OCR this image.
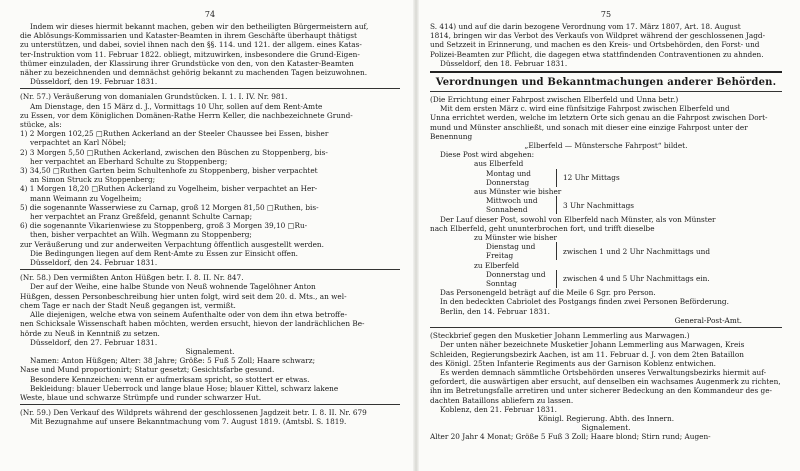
74

Indem wir dieses hiermit bekannt machen, geben wir den betheiligten Bürgermeistern auf,

die Ablösungs-Kommissarien und Kataster-Beamten in ihrem Geschäfte überhaupt thätigst

zu unterstützen, und dabei, soviel ihnen nach den §§. 114. und 121. der allgem. eines Katas-

ter-Instruktion vom 11. Februar 1822. obliegt, mitzuwirken, insbesondere die Grund-Eigen-

thümer einzuladen, der Klassirung ihrer Grundstücke von den, von den Kataster-Beamten

näher zu bezeichnenden und demnächst gehörig bekannt zu machenden Tagen beizuwohnen.

Düsseldorf, den 19. Februar 1831.

(Nr. 57.) Veräußerung von domanialen Grundstücken. I. 1. I. IV. Nr. 981.

Am Dienstage, den 15 März d. J., Vormittags 10 Uhr, sollen auf dem Rent-Amte

zu Essen, vor dem Königlichen Domänen-Rathe Herrn Keller, die nachbezeichnete Grund-

stücke, als:

1) 2 Morgen 102,25 □Ruthen Ackerland an der Steeler Chaussee bei Essen, bisher

verpachtet an Karl Nöbel;

2) 3 Morgen 5,50 □Ruthen Ackerland, zwischen den Büschen zu Stoppenberg, bis-

her verpachtet an Eberhard Schulte zu Stoppenberg;

3) 34,50 □Ruthen Garten beim Schultenhofe zu Stoppenberg, bisher verpachtet

an Simon Struck zu Stoppenberg;

4) 1 Morgen 18,20 □Ruthen Ackerland zu Vogelheim, bisher verpachtet an Her-

mann Weimann zu Vogelheim;

5) die sogenannte Wasserwiese zu Carnap, groß 12 Morgen 81,50 □Ruthen, bis-

her verpachtet an Franz Greßfeld, genannt Schulte Carnap;

6) die sogenannte Vikarienwiese zu Stoppenberg, groß 3 Morgen 39,10 □Ru-

then, bisher verpachtet an Wilh. Wegmann zu Stoppenberg;

zur Veräußerung und zur anderweiten Verpachtung öffentlich ausgestellt werden.

Die Bedingungen liegen auf dem Rent-Amte zu Essen zur Einsicht offen.

Düsseldorf, den 24. Februar 1831.

(Nr. 58.) Den vermißten Anton Hüßgen betr. I. 8. II. Nr. 847.

Der auf der Weihe, eine halbe Stunde von Neuß wohnende Tagelöhner Anton

Hüßgen, dessen Personbeschreibung hier unten folgt, wird seit dem 20. d. Mts., an wel-

chem Tage er nach der Stadt Neuß gegangen ist, vermißt.

Alle diejenigen, welche etwa von seinem Aufenthalte oder von dem ihn etwa betroffe-

nen Schicksale Wissenschaft haben möchten, werden ersucht, hievon der landrächlichen Be-

hörde zu Neuß in Kenntniß zu setzen.

Düsseldorf, den 27. Februar 1831.

Signalement.

Namen: Anton Hüßgen; Alter: 38 Jahre; Größe: 5 Fuß 5 Zoll; Haare schwarz;

Nase und Mund proportionirt; Statur gesetzt; Gesichtsfarbe gesund.

Besondere Kennzeichen: wenn er aufmerksam spricht, so stottert er etwas.

Bekleidung: blauer Ueberrock und lange blaue Hose; blauer Kittel, schwarz lakene

Weste, blaue und schwarze Strümpfe und runder schwarzer Hut.

(Nr. 59.) Den Verkauf des Wildprets während der geschlossenen Jagdzeit betr. I. 8. II. Nr. 679

Mit Bezugnahme auf unsere Bekanntmachung vom 7. August 1819. (Amtsbl. S. 1819.

75

S. 414) und auf die darin bezogene Verordnung vom 17. März 1807, Art. 18. August

1814, bringen wir das Verbot des Verkaufs von Wildpret während der geschlossenen Jagd-

und Setzzeit in Erinnerung, und machen es den Kreis- und Ortsbehörden, den Forst- und

Polizei-Beamten zur Pflicht, die dagegen etwa stattfindenden Contraventionen zu ahnden.

Düsseldorf, den 18. Februar 1831.

Verordnungen und Bekanntmachungen anderer Behörden.

(Die Errichtung einer Fahrpost zwischen Elberfeld und Unna betr.)

Mit dem ersten März c. wird eine fünfsitzige Fahrpost zwischen Elberfeld und

Unna errichtet werden, welche im letztern Orte sich genau an die Fahrpost zwischen Dort-

mund und Münster anschließt, und sonach mit dieser eine einzige Fahrpost unter der

Benennung

„Elberfeld — Münstersche Fahrpost“ bildet.

Diese Post wird abgehen:

aus Elberfeld

Montag und
Donnerstag
12 Uhr Mittags

aus Münster wie bisher

Mittwoch und
Sonnabend
3 Uhr Nachmittags

Der Lauf dieser Post, sowohl von Elberfeld nach Münster, als von Münster

nach Elberfeld, geht ununterbrochen fort, und trifft dieselbe

zu Münster wie bisher

Dienstag und
Freitag
zwischen 1 und 2 Uhr Nachmittags und

zu Elberfeld

Donnerstag und
Sonntag
zwischen 4 und 5 Uhr Nachmittags ein.

Das Personengeld beträgt auf die Meile 6 Sgr. pro Person.

In den bedeckten Cabriolet des Postgangs finden zwei Personen Beförderung.

Berlin, den 14. Februar 1831.

General-Post-Amt.

(Steckbrief gegen den Musketier Johann Lemmerling aus Marwagen.)

Der unten näher bezeichnete Musketier Johann Lemmerling aus Marwagen, Kreis

Schleiden, Regierungsbezirk Aachen, ist am 11. Februar d. J. von dem 2ten Bataillon

des Königl. 25ten Infanterie Regiments aus der Garnison Koblenz entwichen.

Es werden demnach sämmtliche Ortsbehörden unseres Verwaltungsbezirks hiermit auf-

gefordert, die auswärtigen aber ersucht, auf denselben ein wachsames Augenmerk zu richten,

ihn im Betretungsfalle arretiren und unter sicherer Bedeckung an den Kommandeur des ge-

dachten Bataillons abliefern zu lassen.

Koblenz, den 21. Februar 1831.

Königl. Regierung. Abth. des Innern.

Signalement.

Alter 20 Jahr 4 Monat; Größe 5 Fuß 3 Zoll; Haare blond; Stirn rund; Augen-
